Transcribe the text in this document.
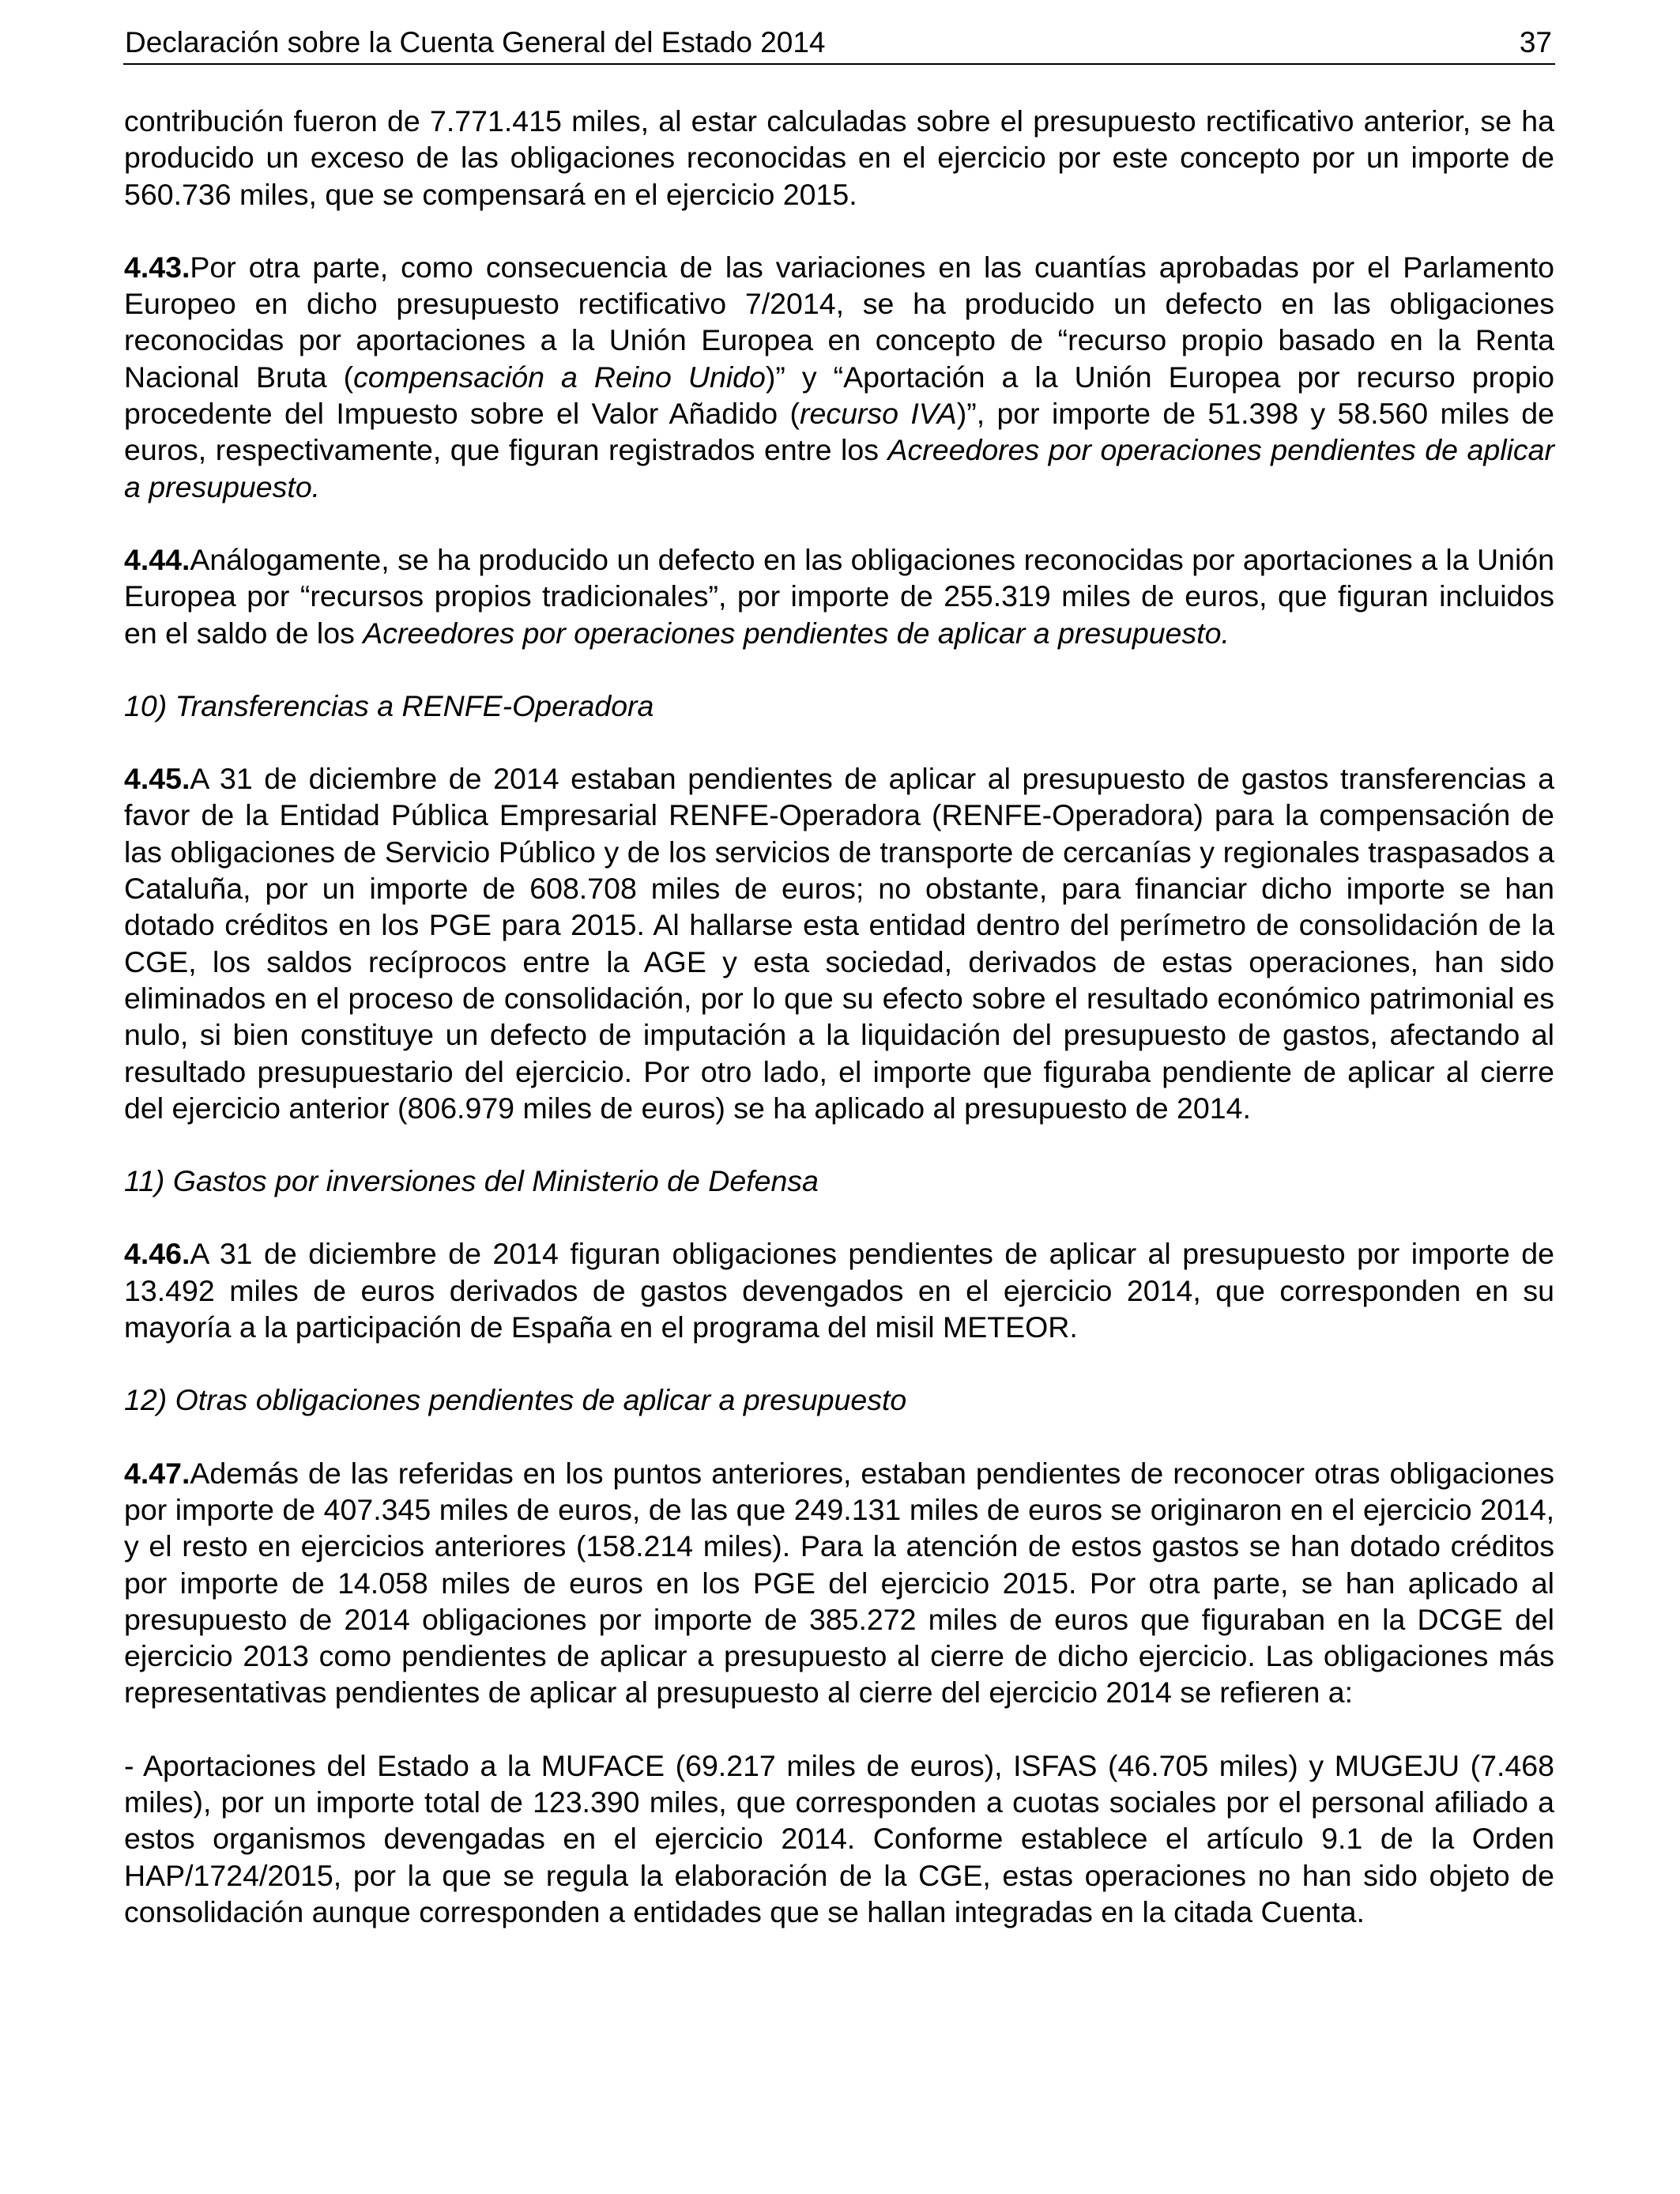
Declaración sobre la Cuenta General del Estado 2014	37

contribución fueron de 7.771.415 miles, al estar calculadas sobre el presupuesto rectificativo anterior, se ha producido un exceso de las obligaciones reconocidas en el ejercicio por este concepto por un importe de 560.736 miles, que se compensará en el ejercicio 2015.

4.43.Por otra parte, como consecuencia de las variaciones en las cuantías aprobadas por el Parlamento Europeo en dicho presupuesto rectificativo 7/2014, se ha producido un defecto en las obligaciones reconocidas por aportaciones a la Unión Europea en concepto de “recurso propio basado en la Renta Nacional Bruta (compensación a Reino Unido)” y “Aportación a la Unión Europea por recurso propio procedente del Impuesto sobre el Valor Añadido (recurso IVA)”, por importe de 51.398 y 58.560 miles de euros, respectivamente, que figuran registrados entre los Acreedores por operaciones pendientes de aplicar a presupuesto.

4.44.Análogamente, se ha producido un defecto en las obligaciones reconocidas por aportaciones a la Unión Europea por “recursos propios tradicionales”, por importe de 255.319 miles de euros, que figuran incluidos en el saldo de los Acreedores por operaciones pendientes de aplicar a presupuesto.

10) Transferencias a RENFE-Operadora

4.45.A 31 de diciembre de 2014 estaban pendientes de aplicar al presupuesto de gastos transferencias a favor de la Entidad Pública Empresarial RENFE-Operadora (RENFE-Operadora) para la compensación de las obligaciones de Servicio Público y de los servicios de transporte de cercanías y regionales traspasados a Cataluña, por un importe de 608.708 miles de euros; no obstante, para financiar dicho importe se han dotado créditos en los PGE para 2015. Al hallarse esta entidad dentro del perímetro de consolidación de la CGE, los saldos recíprocos entre la AGE y esta sociedad, derivados de estas operaciones, han sido eliminados en el proceso de consolidación, por lo que su efecto sobre el resultado económico patrimonial es nulo, si bien constituye un defecto de imputación a la liquidación del presupuesto de gastos, afectando al resultado presupuestario del ejercicio. Por otro lado, el importe que figuraba pendiente de aplicar al cierre del ejercicio anterior (806.979 miles de euros) se ha aplicado al presupuesto de 2014.

11) Gastos por inversiones del Ministerio de Defensa

4.46.A 31 de diciembre de 2014 figuran obligaciones pendientes de aplicar al presupuesto por importe de 13.492 miles de euros derivados de gastos devengados en el ejercicio 2014, que corresponden en su mayoría a la participación de España en el programa del misil METEOR.

12) Otras obligaciones pendientes de aplicar a presupuesto

4.47.Además de las referidas en los puntos anteriores, estaban pendientes de reconocer otras obligaciones por importe de 407.345 miles de euros, de las que 249.131 miles de euros se originaron en el ejercicio 2014, y el resto en ejercicios anteriores (158.214 miles). Para la atención de estos gastos se han dotado créditos por importe de 14.058 miles de euros en los PGE del ejercicio 2015. Por otra parte, se han aplicado al presupuesto de 2014 obligaciones por importe de 385.272 miles de euros que figuraban en la DCGE del ejercicio 2013 como pendientes de aplicar a presupuesto al cierre de dicho ejercicio. Las obligaciones más representativas pendientes de aplicar al presupuesto al cierre del ejercicio 2014 se refieren a:

- Aportaciones del Estado a la MUFACE (69.217 miles de euros), ISFAS (46.705 miles) y MUGEJU (7.468 miles), por un importe total de 123.390 miles, que corresponden a cuotas sociales por el personal afiliado a estos organismos devengadas en el ejercicio 2014. Conforme establece el artículo 9.1 de la Orden HAP/1724/2015, por la que se regula la elaboración de la CGE, estas operaciones no han sido objeto de consolidación aunque corresponden a entidades que se hallan integradas en la citada Cuenta.
